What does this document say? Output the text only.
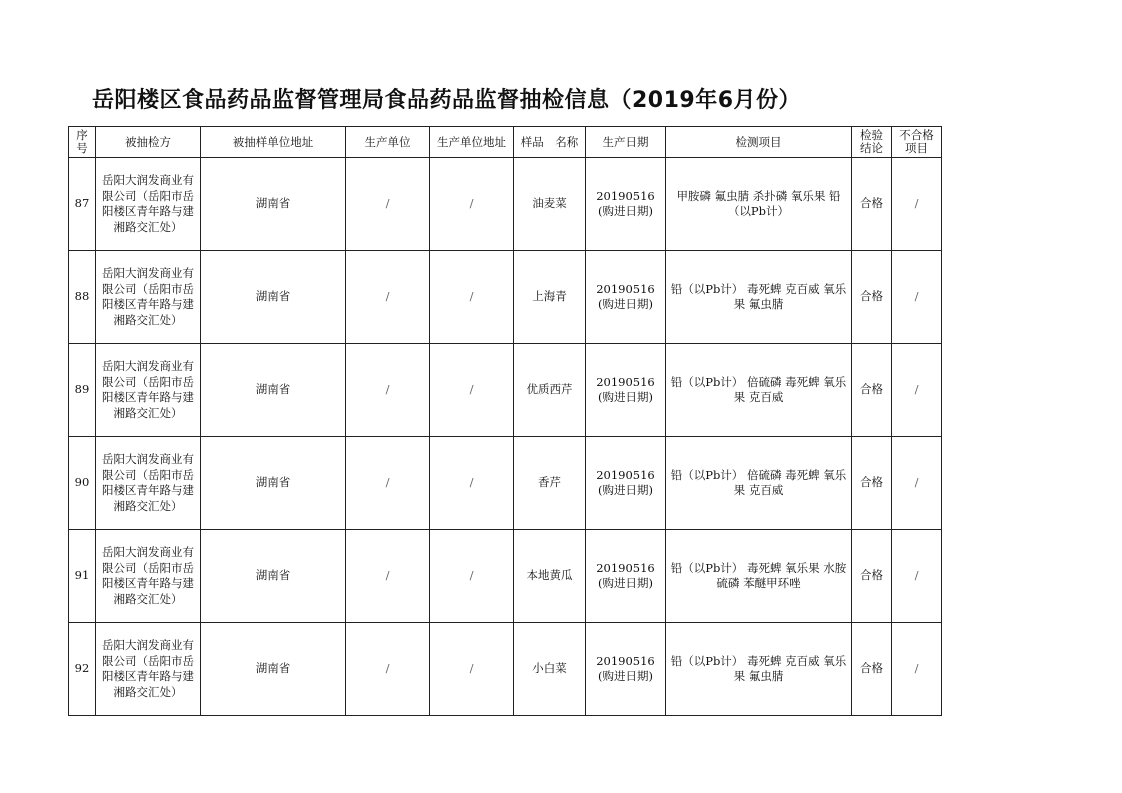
岳阳楼区食品药品监督管理局食品药品监督抽检信息（2019年6月份）
序号	被抽检方	被抽样单位地址	生产单位	生产单位地址	样品　名称	生产日期	检测项目	检验结论	不合格项目
87	岳阳大润发商业有限公司（岳阳市岳阳楼区青年路与建湘路交汇处）	湖南省	/	/	油麦菜	20190516(购进日期)	甲胺磷 氟虫腈 杀扑磷 氧乐果 铅（以Pb计）	合格	/
88	岳阳大润发商业有限公司（岳阳市岳阳楼区青年路与建湘路交汇处）	湖南省	/	/	上海青	20190516(购进日期)	铅（以Pb计） 毒死蜱 克百威 氧乐果 氟虫腈	合格	/
89	岳阳大润发商业有限公司（岳阳市岳阳楼区青年路与建湘路交汇处）	湖南省	/	/	优质西芹	20190516(购进日期)	铅（以Pb计） 倍硫磷 毒死蜱 氧乐果 克百威	合格	/
90	岳阳大润发商业有限公司（岳阳市岳阳楼区青年路与建湘路交汇处）	湖南省	/	/	香芹	20190516(购进日期)	铅（以Pb计） 倍硫磷 毒死蜱 氧乐果 克百威	合格	/
91	岳阳大润发商业有限公司（岳阳市岳阳楼区青年路与建湘路交汇处）	湖南省	/	/	本地黄瓜	20190516(购进日期)	铅（以Pb计） 毒死蜱 氧乐果 水胺硫磷 苯醚甲环唑	合格	/
92	岳阳大润发商业有限公司（岳阳市岳阳楼区青年路与建湘路交汇处）	湖南省	/	/	小白菜	20190516(购进日期)	铅（以Pb计） 毒死蜱 克百威 氧乐果 氟虫腈	合格	/
